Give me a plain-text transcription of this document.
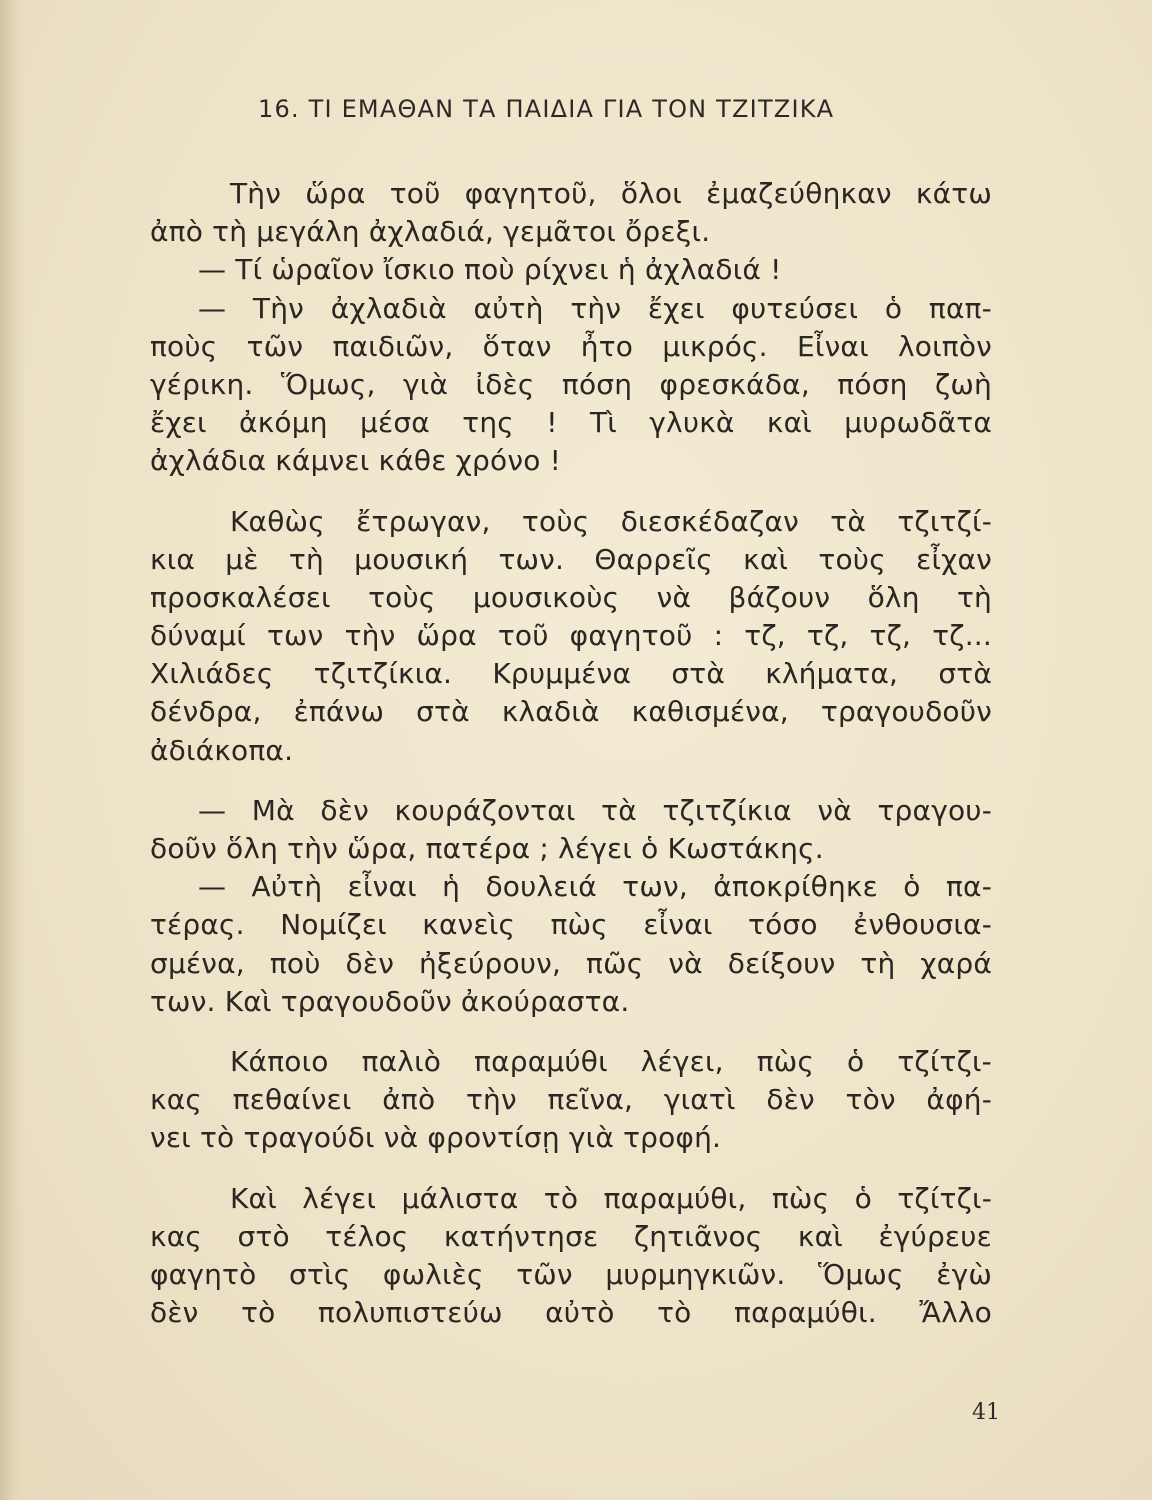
16. ΤΙ ΕΜΑΘΑΝ ΤΑ ΠΑΙΔΙΑ ΓΙΑ ΤΟΝ ΤΖΙΤΖΙΚΑ
Τὴν ὥρα τοῦ φαγητοῦ, ὅλοι ἐμαζεύθηκαν κάτω
ἀπὸ τὴ μεγάλη ἀχλαδιά, γεμᾶτοι ὄρεξι.
— Τί ὡραῖον ἴσκιο ποὺ ρίχνει ἡ ἀχλαδιά !
— Τὴν ἀχλαδιὰ αὐτὴ τὴν ἔχει φυτεύσει ὁ παπ-
ποὺς τῶν παιδιῶν, ὅταν ἦτο μικρός. Εἶναι λοιπὸν
γέρικη. Ὅμως, γιὰ ἰδὲς πόση φρεσκάδα, πόση ζωὴ
ἔχει ἀκόμη μέσα της ! Τὶ γλυκὰ καὶ μυρωδᾶτα
ἀχλάδια κάμνει κάθε χρόνο !
Καθὼς ἔτρωγαν, τοὺς διεσκέδαζαν τὰ τζιτζί-
κια μὲ τὴ μουσική των. Θαρρεῖς καὶ τοὺς εἶχαν
προσκαλέσει τοὺς μουσικοὺς νὰ βάζουν ὅλη τὴ
δύναμί των τὴν ὥρα τοῦ φαγητοῦ : τζ, τζ, τζ, τζ...
Χιλιάδες τζιτζίκια. Κρυμμένα στὰ κλήματα, στὰ
δένδρα, ἐπάνω στὰ κλαδιὰ καθισμένα, τραγουδοῦν
ἀδιάκοπα.
— Μὰ δὲν κουράζονται τὰ τζιτζίκια νὰ τραγου-
δοῦν ὅλη τὴν ὥρα, πατέρα ; λέγει ὁ Κωστάκης.
— Αὐτὴ εἶναι ἡ δουλειά των, ἀποκρίθηκε ὁ πα-
τέρας. Νομίζει κανεὶς πὼς εἶναι τόσο ἐνθουσια-
σμένα, ποὺ δὲν ἠξεύρουν, πῶς νὰ δείξουν τὴ χαρά
των. Καὶ τραγουδοῦν ἀκούραστα.
Κάποιο παλιὸ παραμύθι λέγει, πὼς ὁ τζίτζι-
κας πεθαίνει ἀπὸ τὴν πεῖνα, γιατὶ δὲν τὸν ἀφή-
νει τὸ τραγούδι νὰ φροντίσῃ γιὰ τροφή.
Καὶ λέγει μάλιστα τὸ παραμύθι, πὼς ὁ τζίτζι-
κας στὸ τέλος κατήντησε ζητιᾶνος καὶ ἐγύρευε
φαγητὸ στὶς φωλιὲς τῶν μυρμηγκιῶν. Ὅμως ἐγὼ
δὲν τὸ πολυπιστεύω αὐτὸ τὸ παραμύθι. Ἄλλο
41
